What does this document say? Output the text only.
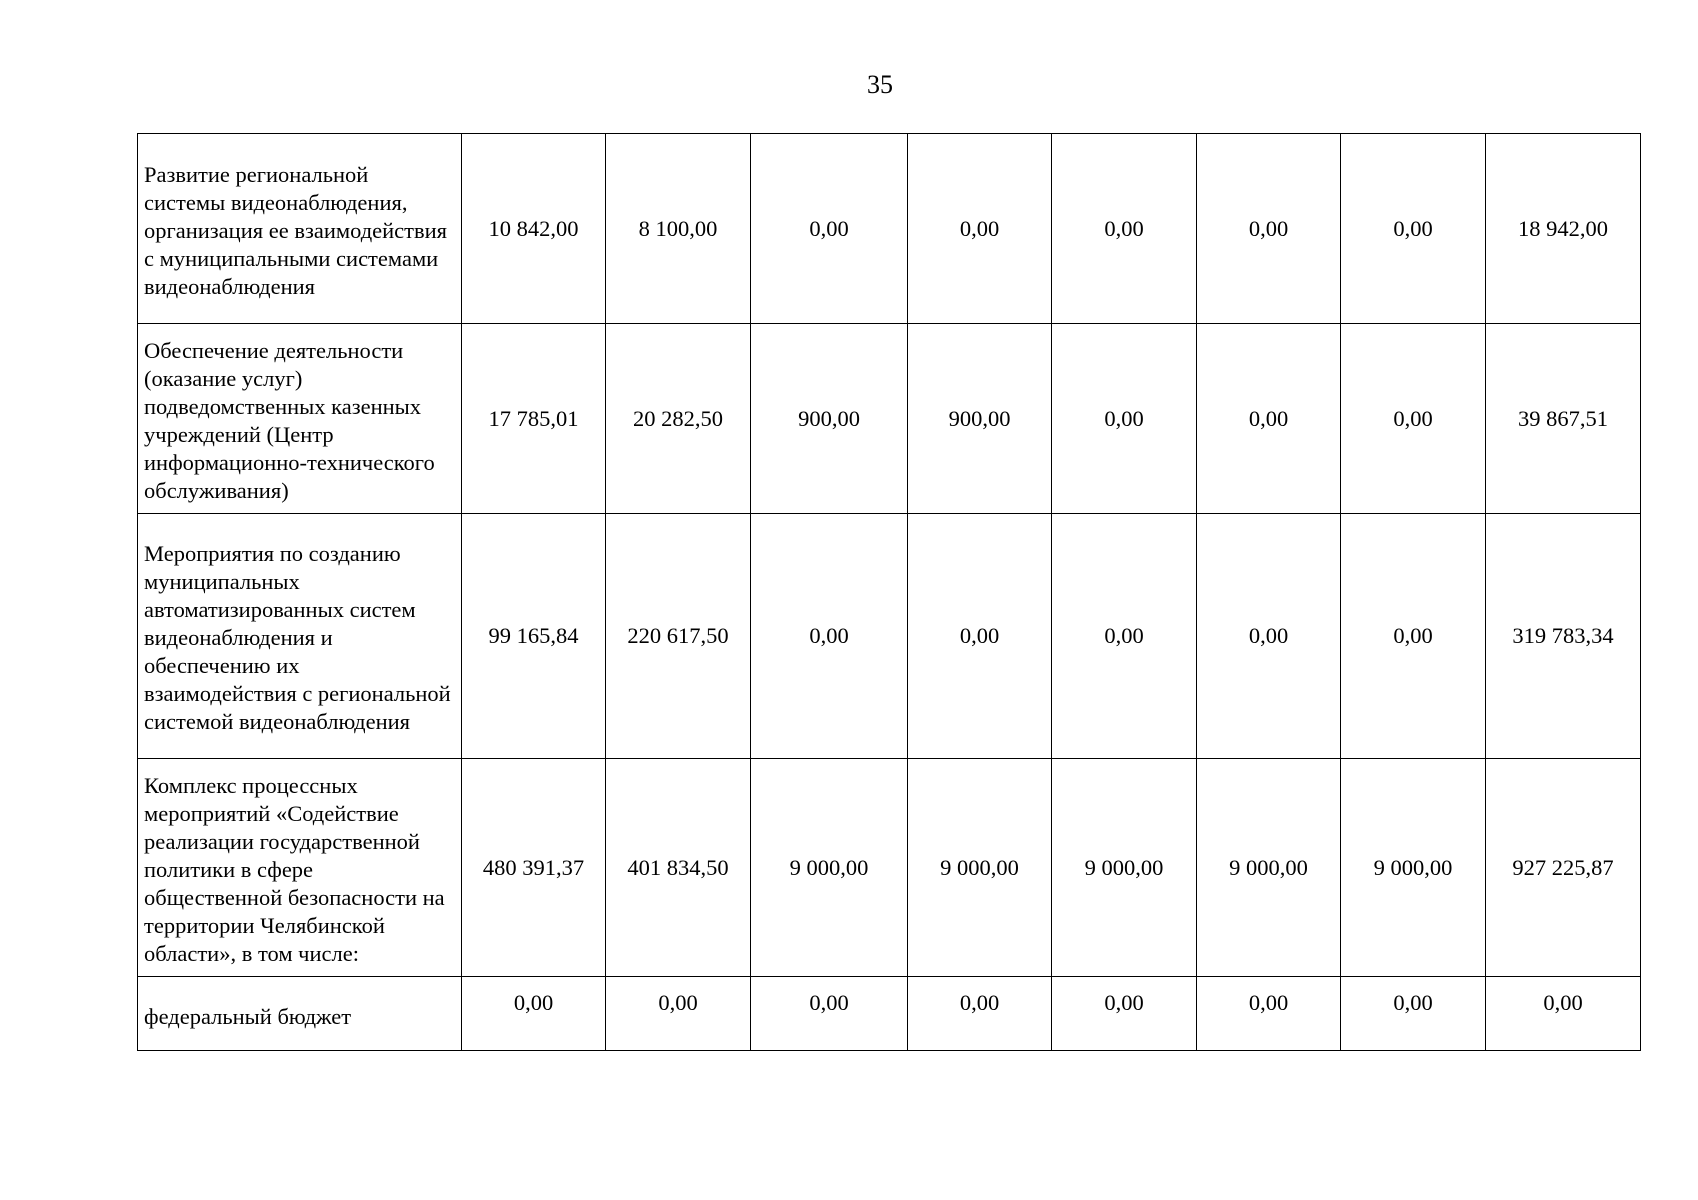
35
Развитие региональной системы видеонаблюдения, организация ее взаимодействия с муниципальными системами видеонаблюдения	10 842,00	8 100,00	0,00	0,00	0,00	0,00	0,00	18 942,00
Обеспечение деятельности (оказание услуг) подведомственных казенных учреждений (Центр информационно-технического обслуживания)	17 785,01	20 282,50	900,00	900,00	0,00	0,00	0,00	39 867,51
Мероприятия по созданию муниципальных автоматизированных систем видеонаблюдения и обеспечению их взаимодействия с региональной системой видеонаблюдения	99 165,84	220 617,50	0,00	0,00	0,00	0,00	0,00	319 783,34
Комплекс процессных мероприятий «Содействие реализации государственной политики в сфере общественной безопасности на территории Челябинской области», в том числе:	480 391,37	401 834,50	9 000,00	9 000,00	9 000,00	9 000,00	9 000,00	927 225,87
федеральный бюджет	0,00	0,00	0,00	0,00	0,00	0,00	0,00	0,00
